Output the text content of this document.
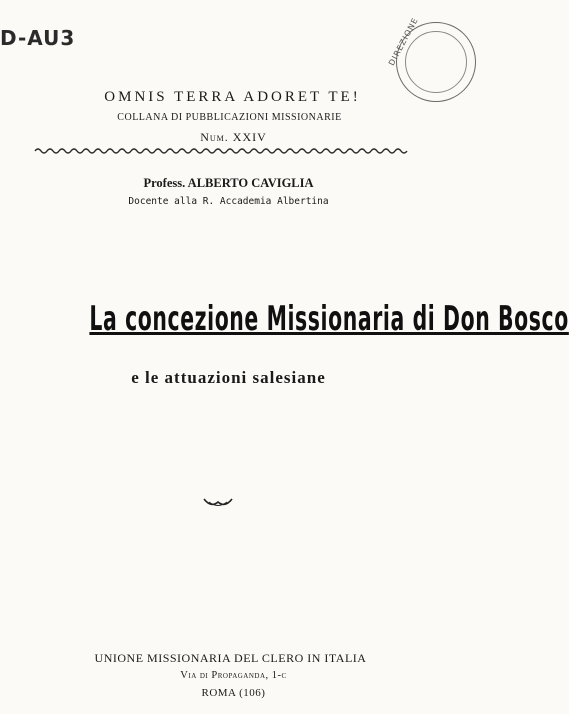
D-AU3	DIREZIONE
OMNIS TERRA ADORET TE!
COLLANA DI PUBBLICAZIONI MISSIONARIE
Num. XXIV
Profess. ALBERTO CAVIGLIA
Docente alla R. Accademia Albertina
La concezione Missionaria di Don Bosco
e le attuazioni salesiane
UNIONE MISSIONARIA DEL CLERO IN ITALIA
Via di Propaganda, 1-c
ROMA (106)
